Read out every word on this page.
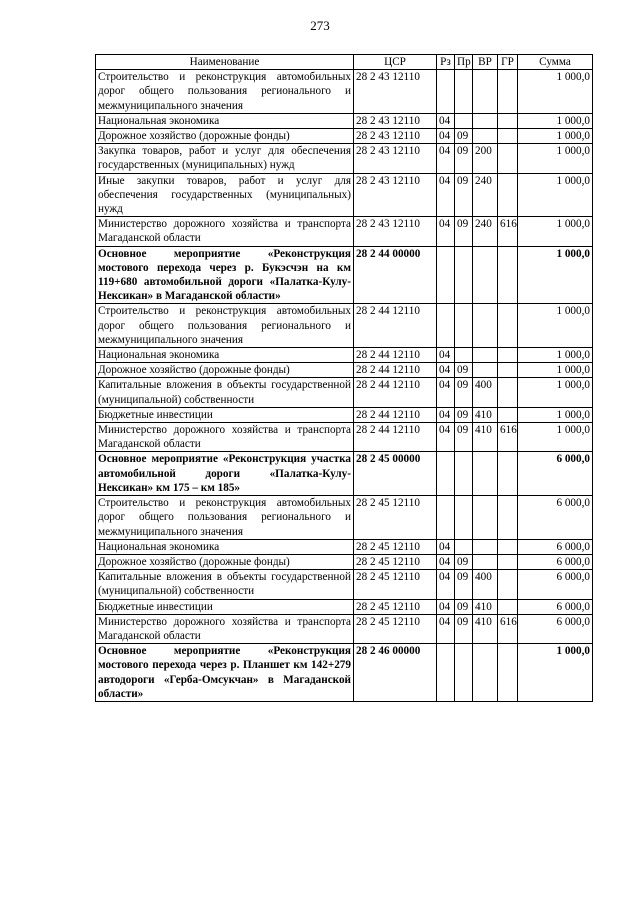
273
Наименование	ЦСР	Рз	Пр	ВР	ГР	Сумма
Строительство и реконструкция автомобильных дорог общего пользования регионального и межмуниципального значения	28 2 43 12110					1 000,0
Национальная экономика	28 2 43 12110	04				1 000,0
Дорожное хозяйство (дорожные фонды)	28 2 43 12110	04	09			1 000,0
Закупка товаров, работ и услуг для обеспечения государственных (муниципальных) нужд	28 2 43 12110	04	09	200		1 000,0
Иные закупки товаров, работ и услуг для обеспечения государственных (муниципальных) нужд	28 2 43 12110	04	09	240		1 000,0
Министерство дорожного хозяйства и транспорта Магаданской области	28 2 43 12110	04	09	240	616	1 000,0
Основное мероприятие «Реконструкция мостового перехода через р. Букэсчэн на км 119+680 автомобильной дороги «Палатка-Кулу-Нексикан» в Магаданской области»	28 2 44 00000					1 000,0
Строительство и реконструкция автомобильных дорог общего пользования регионального и межмуниципального значения	28 2 44 12110					1 000,0
Национальная экономика	28 2 44 12110	04				1 000,0
Дорожное хозяйство (дорожные фонды)	28 2 44 12110	04	09			1 000,0
Капитальные вложения в объекты государственной (муниципальной) собственности	28 2 44 12110	04	09	400		1 000,0
Бюджетные инвестиции	28 2 44 12110	04	09	410		1 000,0
Министерство дорожного хозяйства и транспорта Магаданской области	28 2 44 12110	04	09	410	616	1 000,0
Основное мероприятие «Реконструкция участка автомобильной дороги «Палатка-Кулу-Нексикан» км 175 – км 185»	28 2 45 00000					6 000,0
Строительство и реконструкция автомобильных дорог общего пользования регионального и межмуниципального значения	28 2 45 12110					6 000,0
Национальная экономика	28 2 45 12110	04				6 000,0
Дорожное хозяйство (дорожные фонды)	28 2 45 12110	04	09			6 000,0
Капитальные вложения в объекты государственной (муниципальной) собственности	28 2 45 12110	04	09	400		6 000,0
Бюджетные инвестиции	28 2 45 12110	04	09	410		6 000,0
Министерство дорожного хозяйства и транспорта Магаданской области	28 2 45 12110	04	09	410	616	6 000,0
Основное мероприятие «Реконструкция мостового перехода через р. Планшет км 142+279 автодороги «Герба-Омсукчан» в Магаданской области»	28 2 46 00000					1 000,0
